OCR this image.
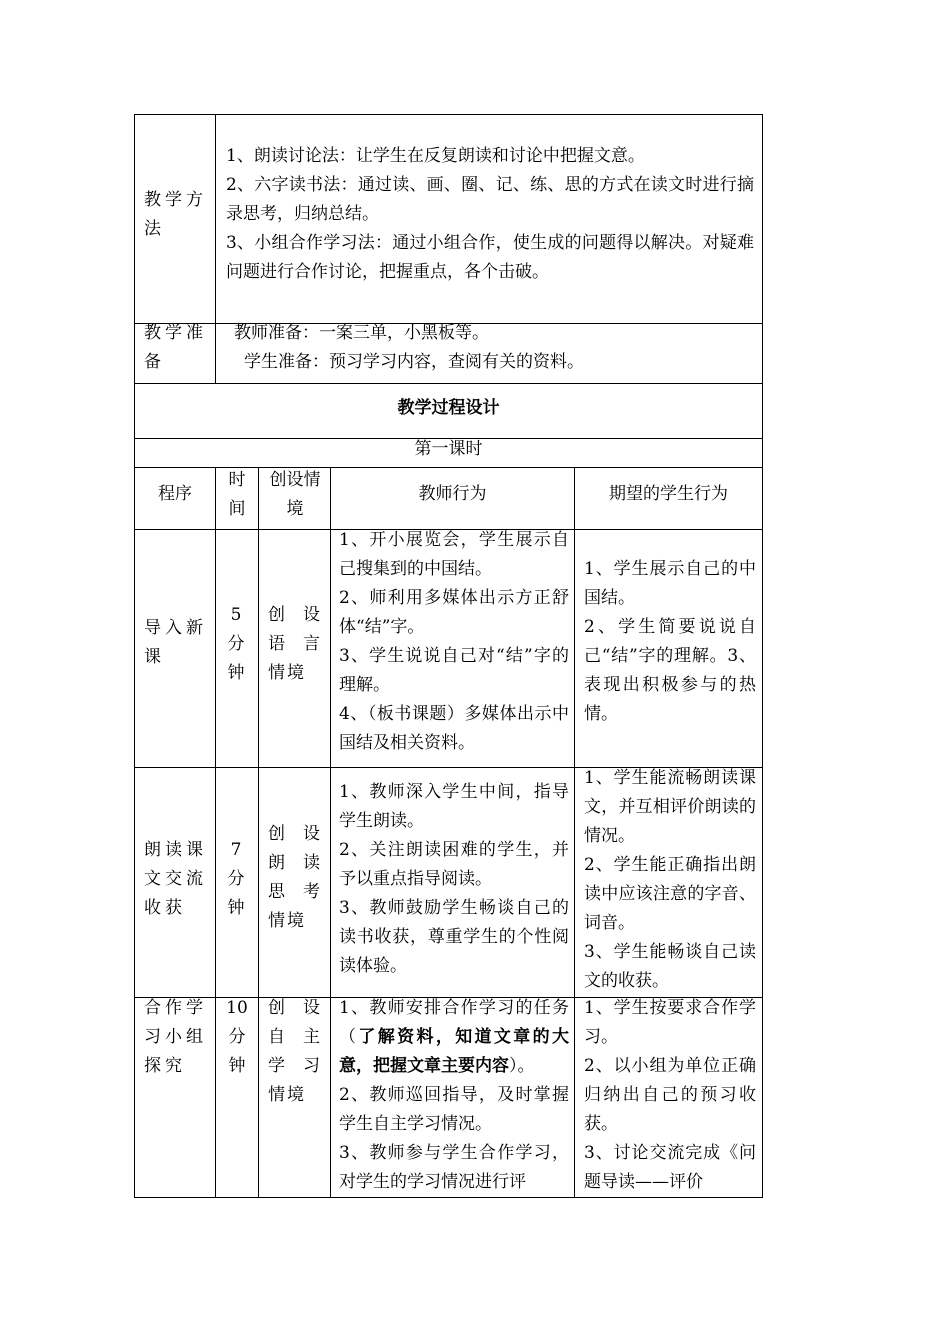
教学方法
1、朗读讨论法：让学生在反复朗读和讨论中把握文意。
2、六字读书法：通过读、画、圈、记、练、思的方式在读文时进行摘录思考，归纳总结。
3、小组合作学习法：通过小组合作，使生成的问题得以解决。对疑难问题进行合作讨论，把握重点，各个击破。
教学准备
教师准备：一案三单，小黑板等。
学生准备：预习学习内容，查阅有关的资料。
教学过程设计
第一课时
程序
时间
创设情境
教师行为	期望的学生行为
导入新课
5分钟
创设语言情境
1、开小展览会，学生展示自己搜集到的中国结。
2、师利用多媒体出示方正舒体“结”字。
3、学生说说自己对“结”字的理解。
4、（板书课题）多媒体出示中国结及相关资料。
1、学生展示自己的中国结。
2、学生简要说说自己“结”字的理解。3、表现出积极参与的热情。
朗读课文交流收获
7分钟
创设朗读思考情境
1、教师深入学生中间，指导学生朗读。
2、关注朗读困难的学生，并予以重点指导阅读。
3、教师鼓励学生畅谈自己的读书收获，尊重学生的个性阅读体验。
1、学生能流畅朗读课文，并互相评价朗读的情况。
2、学生能正确指出朗读中应该注意的字音、词音。
3、学生能畅谈自己读文的收获。
合作学习小组探究
10分钟
创设自主学习情境
1、教师安排合作学习的任务（了解资料，知道文章的大意，把握文章主要内容）。
2、教师巡回指导，及时掌握学生自主学习情况。
3、教师参与学生合作学习，对学生的学习情况进行评
1、学生按要求合作学习。
2、以小组为单位正确归纳出自己的预习收获。
3、讨论交流完成《问题导读——评价
